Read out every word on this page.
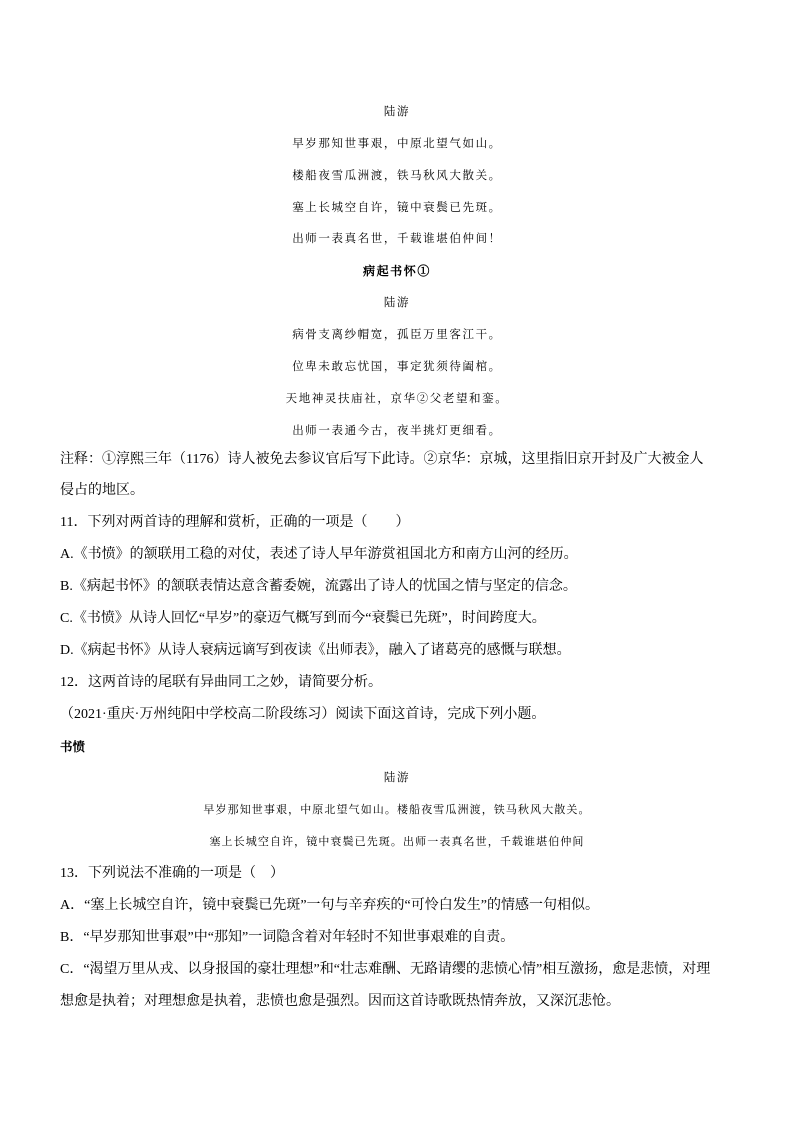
陆游
早岁那知世事艰，中原北望气如山。
楼船夜雪瓜洲渡，铁马秋风大散关。
塞上长城空自许，镜中衰鬓已先斑。
出师一表真名世，千载谁堪伯仲间！
病起书怀①
陆游
病骨支离纱帽宽，孤臣万里客江干。
位卑未敢忘忧国，事定犹须待阖棺。
天地神灵扶庙社，京华②父老望和銮。
出师一表通今古，夜半挑灯更细看。
注释：①淳熙三年（1176）诗人被免去参议官后写下此诗。②京华：京城，这里指旧京开封及广大被金人
侵占的地区。
11．下列对两首诗的理解和赏析，正确的一项是（　　）
A.《书愤》的颔联用工稳的对仗，表述了诗人早年游赏祖国北方和南方山河的经历。
B.《病起书怀》的颔联表情达意含蓄委婉，流露出了诗人的忧国之情与坚定的信念。
C.《书愤》从诗人回忆“早岁”的豪迈气概写到而今“衰鬓已先斑”，时间跨度大。
D.《病起书怀》从诗人衰病远谪写到夜读《出师表》，融入了诸葛亮的感慨与联想。
12．这两首诗的尾联有异曲同工之妙，请简要分析。
（2021·重庆·万州纯阳中学校高二阶段练习）阅读下面这首诗，完成下列小题。
书愤
陆游
早岁那知世事艰，中原北望气如山。楼船夜雪瓜洲渡，铁马秋风大散关。
塞上长城空自许，镜中衰鬓已先斑。出师一表真名世，千载谁堪伯仲间
13．下列说法不准确的一项是（　）
A．“塞上长城空自许，镜中衰鬓已先斑”一句与辛弃疾的“可怜白发生”的情感一句相似。
B．“早岁那知世事艰”中“那知”一词隐含着对年轻时不知世事艰难的自责。
C．“渴望万里从戎、以身报国的豪壮理想”和“壮志难酬、无路请缨的悲愤心情”相互激扬，愈是悲愤，对理
想愈是执着；对理想愈是执着，悲愤也愈是强烈。因而这首诗歌既热情奔放，又深沉悲怆。
